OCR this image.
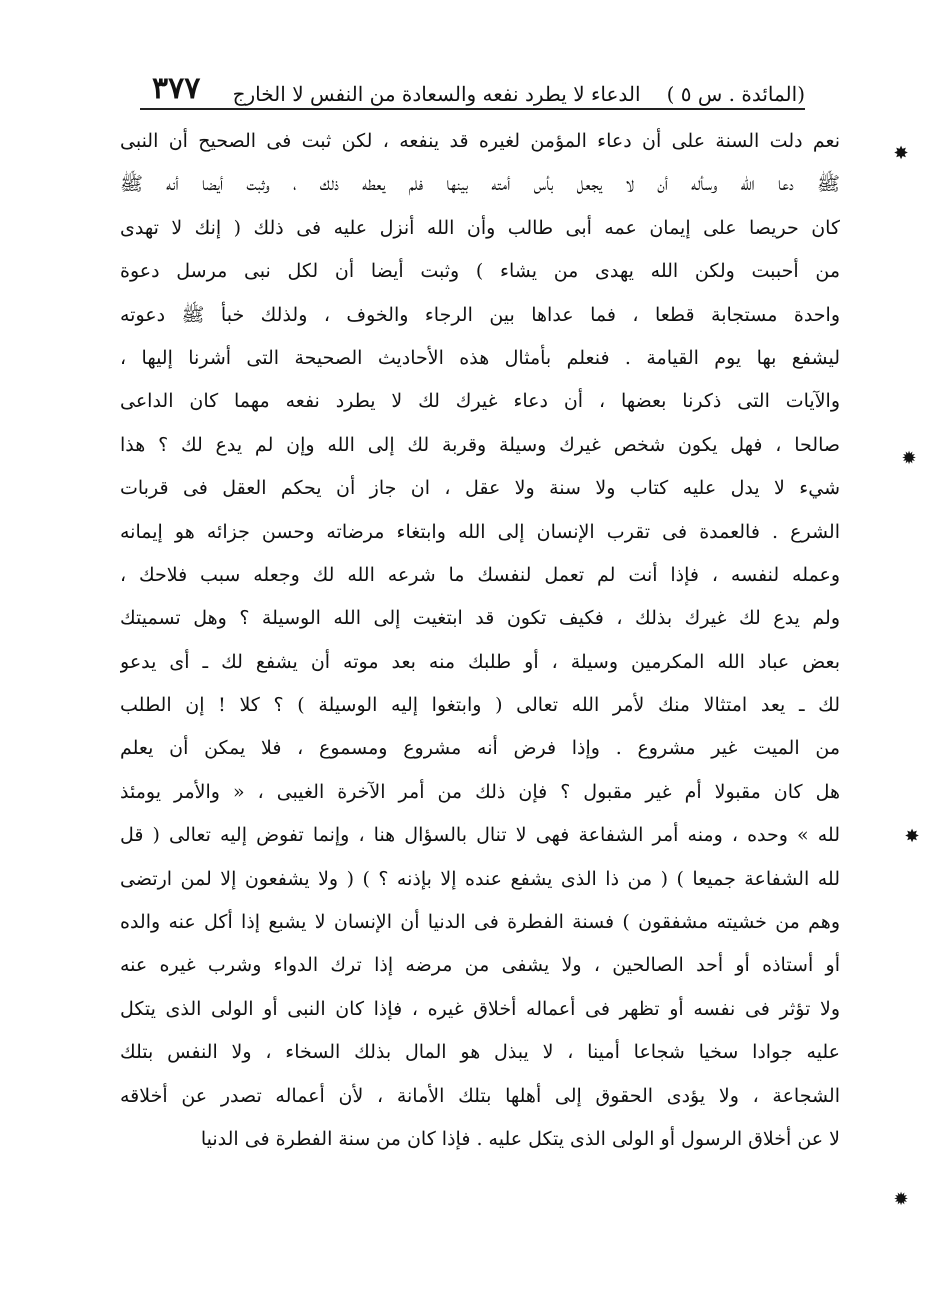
(المائدة . س ٥ )
الدعاء لا يطرد نفعه والسعادة من النفس لا الخارج
٣٧٧
نعم دلت السنة على أن دعاء المؤمن لغيره قد ينفعه ، لكن ثبت فى الصحيح أن النبى
ﷺ دعا الله وسأله أن لا يجعل بأس أمته بينها فلم يعطه ذلك ، وثبت أيضا أنه ﷺ
كان حريصا على إيمان عمه أبى طالب وأن الله أنزل عليه فى ذلك ( إنك لا تهدى
من أحببت ولكن الله يهدى من يشاء ) وثبت أيضا أن لكل نبى مرسل دعوة
واحدة مستجابة قطعا ، فما عداها بين الرجاء والخوف ، ولذلك خبأ ﷺ دعوته
ليشفع بها يوم القيامة . فنعلم بأمثال هذه الأحاديث الصحيحة التى أشرنا إليها ،
والآيات التى ذكرنا بعضها ، أن دعاء غيرك لك لا يطرد نفعه مهما كان الداعى
صالحا ، فهل يكون شخص غيرك وسيلة وقربة لك إلى الله وإن لم يدع لك ؟ هذا
شيء لا يدل عليه كتاب ولا سنة ولا عقل ، ان جاز أن يحكم العقل فى قربات
الشرع . فالعمدة فى تقرب الإنسان إلى الله وابتغاء مرضاته وحسن جزائه هو إيمانه
وعمله لنفسه ، فإذا أنت لم تعمل لنفسك ما شرعه الله لك وجعله سبب فلاحك ،
ولم يدع لك غيرك بذلك ، فكيف تكون قد ابتغيت إلى الله الوسيلة ؟ وهل تسميتك
بعض عباد الله المكرمين وسيلة ، أو طلبك منه بعد موته أن يشفع لك ـ أى يدعو
لك ـ يعد امتثالا منك لأمر الله تعالى ( وابتغوا إليه الوسيلة ) ؟ كلا ! إن الطلب
من الميت غير مشروع . وإذا فرض أنه مشروع ومسموع ، فلا يمكن أن يعلم
هل كان مقبولا أم غير مقبول ؟ فإن ذلك من أمر الآخرة الغيبى ، « والأمر يومئذ
لله » وحده ، ومنه أمر الشفاعة فهى لا تنال بالسؤال هنا ، وإنما تفوض إليه تعالى ( قل
لله الشفاعة جميعا ) ( من ذا الذى يشفع عنده إلا بإذنه ؟ ) ( ولا يشفعون إلا لمن ارتضى
وهم من خشيته مشفقون ) فسنة الفطرة فى الدنيا أن الإنسان لا يشبع إذا أكل عنه والده
أو أستاذه أو أحد الصالحين ، ولا يشفى من مرضه إذا ترك الدواء وشرب غيره عنه
ولا تؤثر فى نفسه أو تظهر فى أعماله أخلاق غيره ، فإذا كان النبى أو الولى الذى يتكل
عليه جوادا سخيا شجاعا أمينا ، لا يبذل هو المال بذلك السخاء ، ولا النفس بتلك
الشجاعة ، ولا يؤدى الحقوق إلى أهلها بتلك الأمانة ، لأن أعماله تصدر عن أخلاقه
لا عن أخلاق الرسول أو الولى الذى يتكل عليه . فإذا كان من سنة الفطرة فى الدنيا
✸
✹
✸
✹
